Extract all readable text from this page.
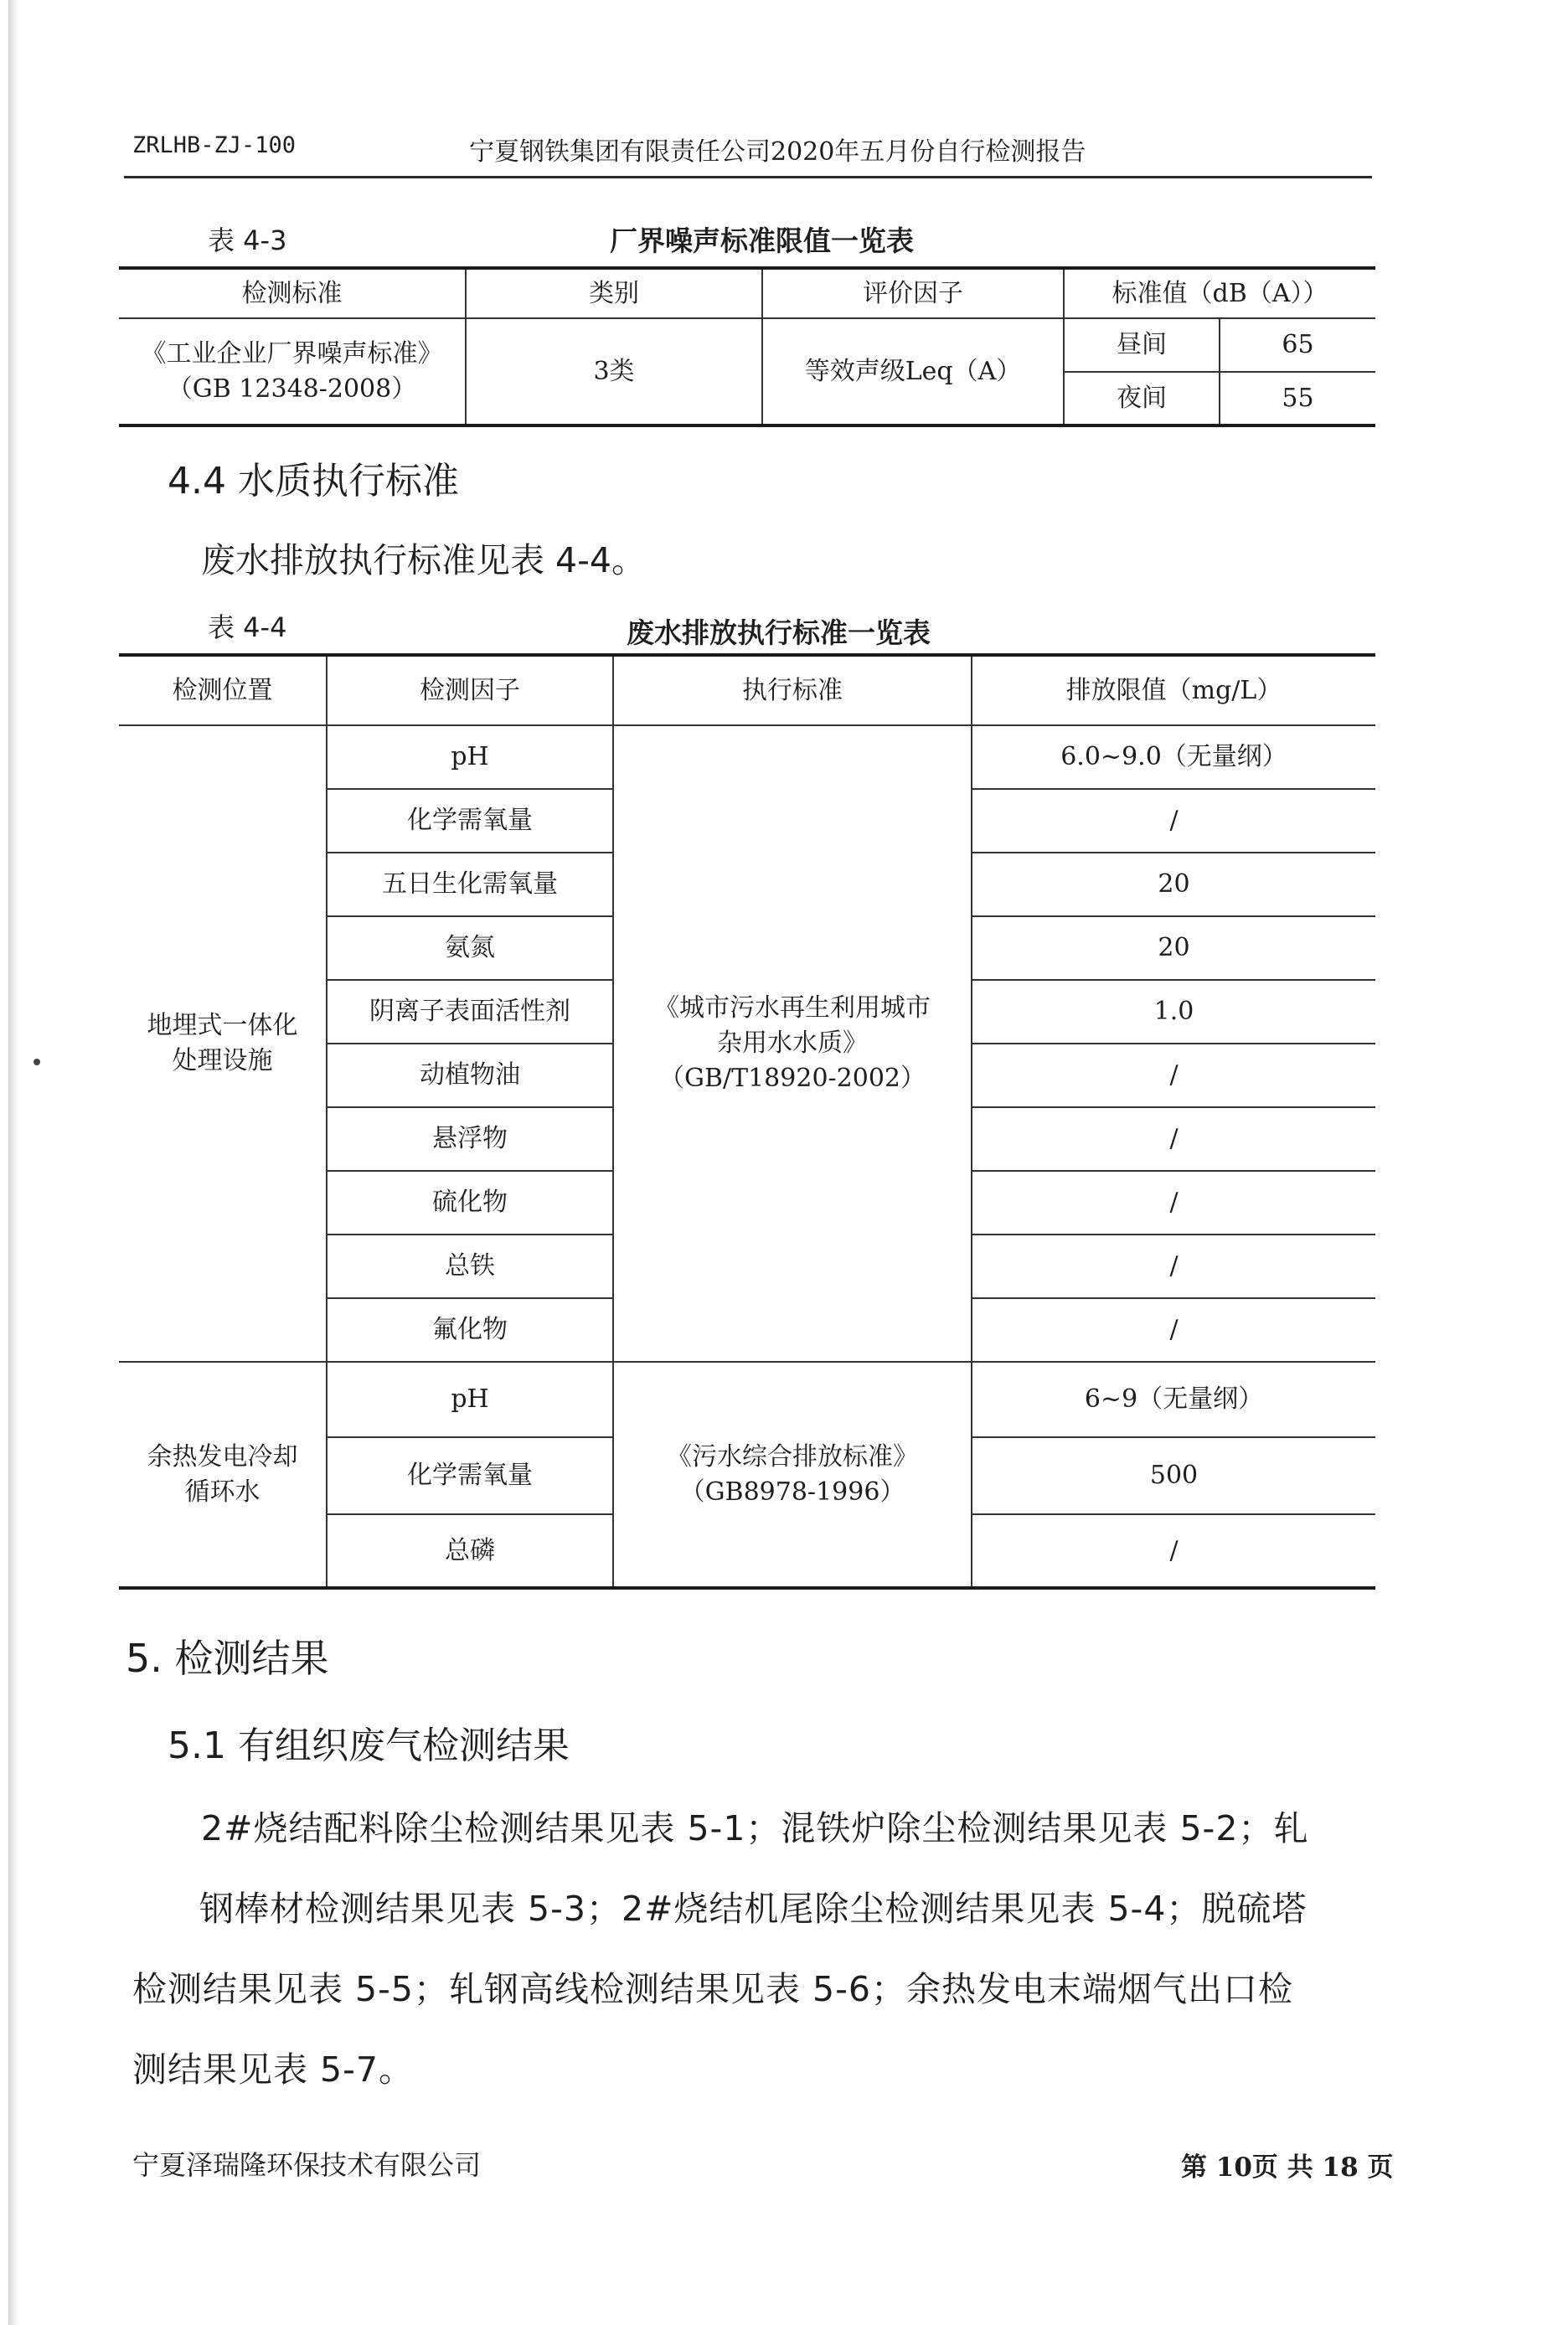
ZRLHB-ZJ-100	宁夏钢铁集团有限责任公司2020年五月份自行检测报告
表 4-3	厂界噪声标准限值一览表
检测标准	类别	评价因子	标准值（dB（A））	

《工业企业厂界噪声标准》
（GB 12348-2008）	3类	等效声级Leq（A）	昼间	65
			夜间	55
4.4 水质执行标准
废水排放执行标准见表 4-4。
表 4-4	废水排放执行标准一览表
检测位置	检测因子	执行标准	排放限值（mg/L）
地埋式一体化处理设施	pH	《城市污水再生利用城市
杂用水水质》
（GB/T18920-2002）	6.0~9.0（无量纲）
	化学需氧量		/
	五日生化需氧量		20
	氨氮		20
	阴离子表面活性剂		1.0
	动植物油		/
	悬浮物		/
	硫化物		/
	总铁		/
	氟化物		/
余热发电冷却循环水	pH	《污水综合排放标准》
（GB8978-1996）	6~9（无量纲）
	化学需氧量		500
	总磷		/
5. 检测结果
5.1 有组织废气检测结果
2#烧结配料除尘检测结果见表 5-1；混铁炉除尘检测结果见表 5-2；轧
钢棒材检测结果见表 5-3；2#烧结机尾除尘检测结果见表 5-4；脱硫塔
检测结果见表 5-5；轧钢高线检测结果见表 5-6；余热发电末端烟气出口检
测结果见表 5-7。
宁夏泽瑞隆环保技术有限公司	第 10页 共 18 页
